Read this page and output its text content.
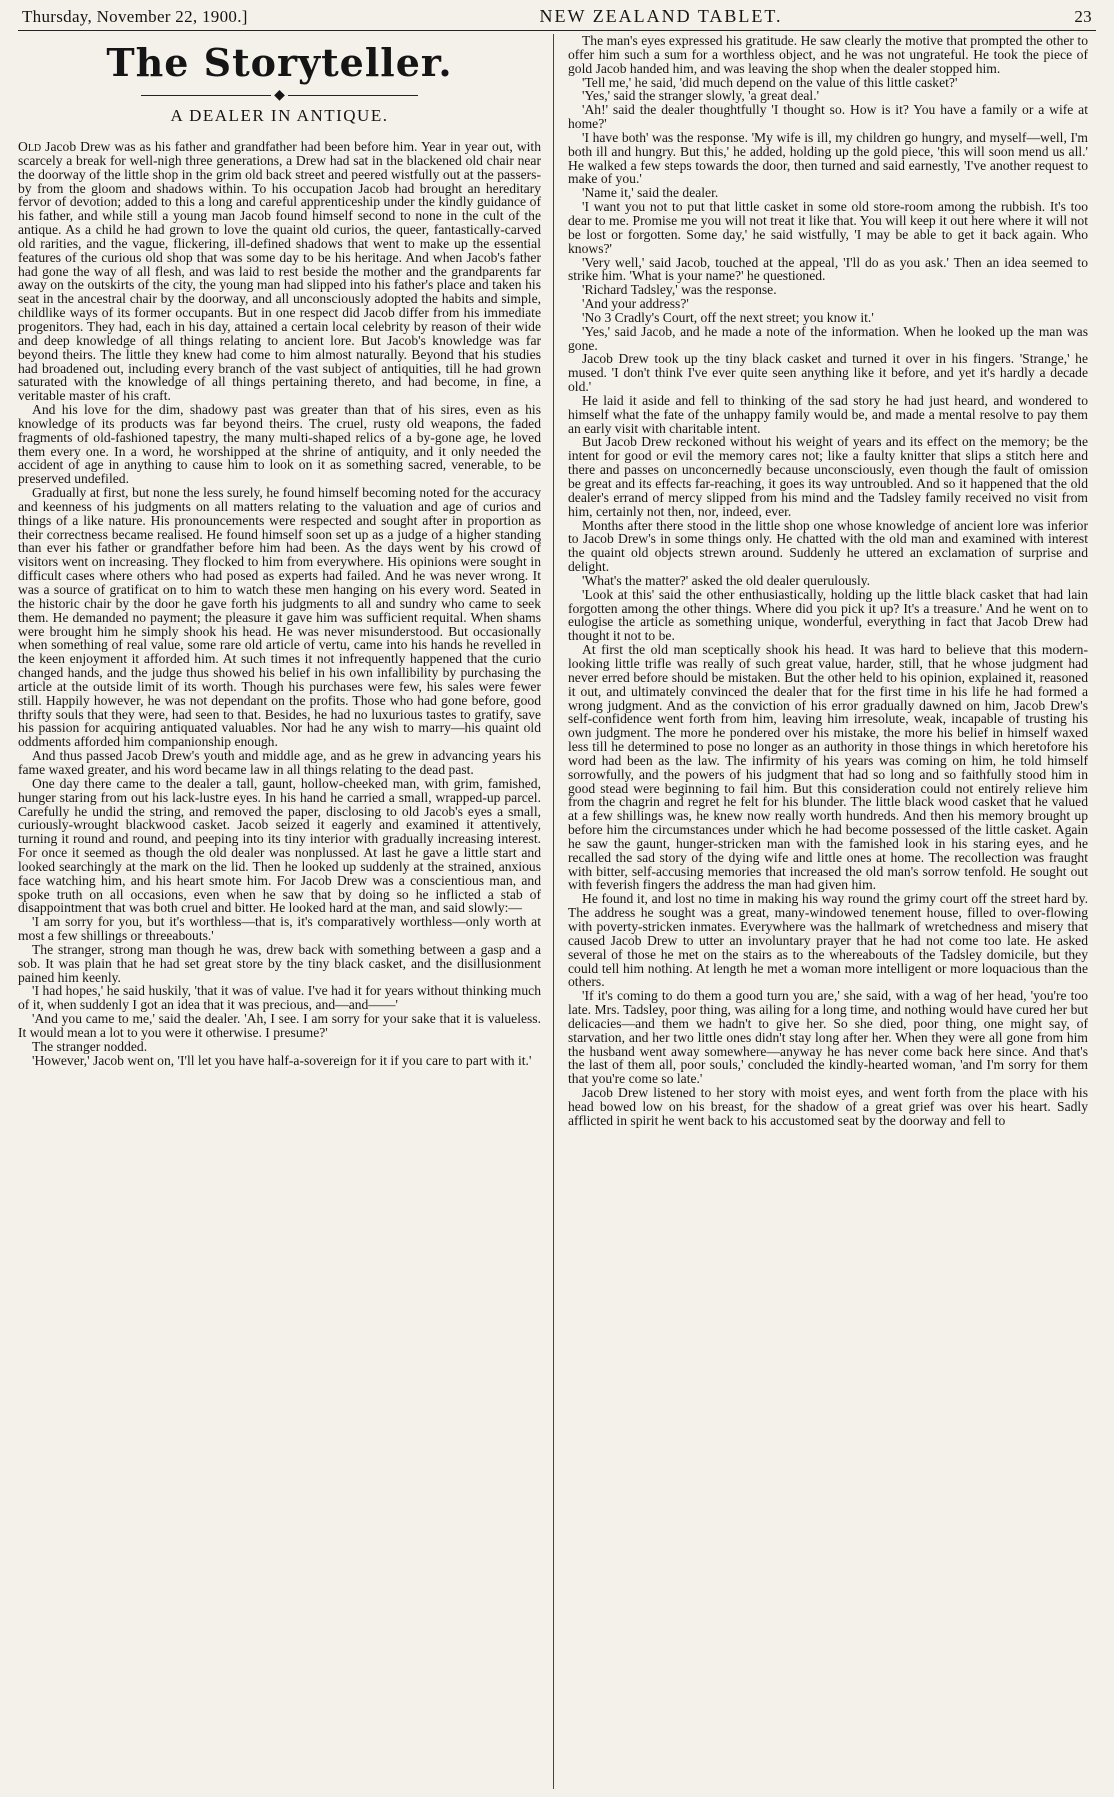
Thursday, November 22, 1900.]	NEW ZEALAND TABLET.	23
The Storyteller.
◆
A DEALER IN ANTIQUE.

Old Jacob Drew was as his father and grandfather had been before him. Year in year out, with scarcely a break for well-nigh three generations, a Drew had sat in the blackened old chair near the doorway of the little shop in the grim old back street and peered wistfully out at the passers-by from the gloom and shadows within. To his occupation Jacob had brought an hereditary fervor of devotion; added to this a long and careful apprenticeship under the kindly guidance of his father, and while still a young man Jacob found himself second to none in the cult of the antique. As a child he had grown to love the quaint old curios, the queer, fantastically-carved old rarities, and the vague, flickering, ill-defined shadows that went to make up the essential features of the curious old shop that was some day to be his heritage. And when Jacob's father had gone the way of all flesh, and was laid to rest beside the mother and the grandparents far away on the outskirts of the city, the young man had slipped into his father's place and taken his seat in the ancestral chair by the doorway, and all unconsciously adopted the habits and simple, childlike ways of its former occupants. But in one respect did Jacob differ from his immediate progenitors. They had, each in his day, attained a certain local celebrity by reason of their wide and deep knowledge of all things relating to ancient lore. But Jacob's knowledge was far beyond theirs. The little they knew had come to him almost naturally. Beyond that his studies had broadened out, including every branch of the vast subject of antiquities, till he had grown saturated with the knowledge of all things pertaining thereto, and had become, in fine, a veritable master of his craft.

And his love for the dim, shadowy past was greater than that of his sires, even as his knowledge of its products was far beyond theirs. The cruel, rusty old weapons, the faded fragments of old-fashioned tapestry, the many multi-shaped relics of a by-gone age, he loved them every one. In a word, he worshipped at the shrine of antiquity, and it only needed the accident of age in anything to cause him to look on it as something sacred, venerable, to be preserved undefiled.

Gradually at first, but none the less surely, he found himself becoming noted for the accuracy and keenness of his judgments on all matters relating to the valuation and age of curios and things of a like nature. His pronouncements were respected and sought after in proportion as their correctness became realised. He found himself soon set up as a judge of a higher standing than ever his father or grandfather before him had been. As the days went by his crowd of visitors went on increasing. They flocked to him from everywhere. His opinions were sought in difficult cases where others who had posed as experts had failed. And he was never wrong. It was a source of gratificat on to him to watch these men hanging on his every word. Seated in the historic chair by the door he gave forth his judgments to all and sundry who came to seek them. He demanded no payment; the pleasure it gave him was sufficient requital. When shams were brought him he simply shook his head. He was never misunderstood. But occasionally when something of real value, some rare old article of vertu, came into his hands he revelled in the keen enjoyment it afforded him. At such times it not infrequently happened that the curio changed hands, and the judge thus showed his belief in his own infallibility by purchasing the article at the outside limit of its worth. Though his purchases were few, his sales were fewer still. Happily however, he was not dependant on the profits. Those who had gone before, good thrifty souls that they were, had seen to that. Besides, he had no luxurious tastes to gratify, save his passion for acquiring antiquated valuables. Nor had he any wish to marry—his quaint old oddments afforded him companionship enough.

And thus passed Jacob Drew's youth and middle age, and as he grew in advancing years his fame waxed greater, and his word became law in all things relating to the dead past.

One day there came to the dealer a tall, gaunt, hollow-cheeked man, with grim, famished, hunger staring from out his lack-lustre eyes. In his hand he carried a small, wrapped-up parcel. Carefully he undid the string, and removed the paper, disclosing to old Jacob's eyes a small, curiously-wrought blackwood casket. Jacob seized it eagerly and examined it attentively, turning it round and round, and peeping into its tiny interior with gradually increasing interest. For once it seemed as though the old dealer was nonplussed. At last he gave a little start and looked searchingly at the mark on the lid. Then he looked up suddenly at the strained, anxious face watching him, and his heart smote him. For Jacob Drew was a conscientious man, and spoke truth on all occasions, even when he saw that by doing so he inflicted a stab of disappointment that was both cruel and bitter. He looked hard at the man, and said slowly:—

'I am sorry for you, but it's worthless—that is, it's comparatively worthless—only worth at most a few shillings or threeabouts.'

The stranger, strong man though he was, drew back with something between a gasp and a sob. It was plain that he had set great store by the tiny black casket, and the disillusionment pained him keenly.

'I had hopes,' he said huskily, 'that it was of value. I've had it for years without thinking much of it, when suddenly I got an idea that it was precious, and—and——'

'And you came to me,' said the dealer. 'Ah, I see. I am sorry for your sake that it is valueless. It would mean a lot to you were it otherwise. I presume?'

The stranger nodded.

'However,' Jacob went on, 'I'll let you have half-a-sovereign for it if you care to part with it.'

The man's eyes expressed his gratitude. He saw clearly the motive that prompted the other to offer him such a sum for a worthless object, and he was not ungrateful. He took the piece of gold Jacob handed him, and was leaving the shop when the dealer stopped him.

'Tell me,' he said, 'did much depend on the value of this little casket?'

'Yes,' said the stranger slowly, 'a great deal.'

'Ah!' said the dealer thoughtfully 'I thought so. How is it? You have a family or a wife at home?'

'I have both' was the response. 'My wife is ill, my children go hungry, and myself—well, I'm both ill and hungry. But this,' he added, holding up the gold piece, 'this will soon mend us all.' He walked a few steps towards the door, then turned and said earnestly, 'I've another request to make of you.'

'Name it,' said the dealer.

'I want you not to put that little casket in some old store-room among the rubbish. It's too dear to me. Promise me you will not treat it like that. You will keep it out here where it will not be lost or forgotten. Some day,' he said wistfully, 'I may be able to get it back again. Who knows?'

'Very well,' said Jacob, touched at the appeal, 'I'll do as you ask.' Then an idea seemed to strike him. 'What is your name?' he questioned.

'Richard Tadsley,' was the response.

'And your address?'

'No 3 Cradly's Court, off the next street; you know it.'

'Yes,' said Jacob, and he made a note of the information. When he looked up the man was gone.

Jacob Drew took up the tiny black casket and turned it over in his fingers. 'Strange,' he mused. 'I don't think I've ever quite seen anything like it before, and yet it's hardly a decade old.'

He laid it aside and fell to thinking of the sad story he had just heard, and wondered to himself what the fate of the unhappy family would be, and made a mental resolve to pay them an early visit with charitable intent.

But Jacob Drew reckoned without his weight of years and its effect on the memory; be the intent for good or evil the memory cares not; like a faulty knitter that slips a stitch here and there and passes on unconcernedly because unconsciously, even though the fault of omission be great and its effects far-reaching, it goes its way untroubled. And so it happened that the old dealer's errand of mercy slipped from his mind and the Tadsley family received no visit from him, certainly not then, nor, indeed, ever.

Months after there stood in the little shop one whose knowledge of ancient lore was inferior to Jacob Drew's in some things only. He chatted with the old man and examined with interest the quaint old objects strewn around. Suddenly he uttered an exclamation of surprise and delight.

'What's the matter?' asked the old dealer querulously.

'Look at this' said the other enthusiastically, holding up the little black casket that had lain forgotten among the other things. Where did you pick it up? It's a treasure.' And he went on to eulogise the article as something unique, wonderful, everything in fact that Jacob Drew had thought it not to be.

At first the old man sceptically shook his head. It was hard to believe that this modern-looking little trifle was really of such great value, harder, still, that he whose judgment had never erred before should be mistaken. But the other held to his opinion, explained it, reasoned it out, and ultimately convinced the dealer that for the first time in his life he had formed a wrong judgment. And as the conviction of his error gradually dawned on him, Jacob Drew's self-confidence went forth from him, leaving him irresolute, weak, incapable of trusting his own judgment. The more he pondered over his mistake, the more his belief in himself waxed less till he determined to pose no longer as an authority in those things in which heretofore his word had been as the law. The infirmity of his years was coming on him, he told himself sorrowfully, and the powers of his judgment that had so long and so faithfully stood him in good stead were beginning to fail him. But this consideration could not entirely relieve him from the chagrin and regret he felt for his blunder. The little black wood casket that he valued at a few shillings was, he knew now really worth hundreds. And then his memory brought up before him the circumstances under which he had become possessed of the little casket. Again he saw the gaunt, hunger-stricken man with the famished look in his staring eyes, and he recalled the sad story of the dying wife and little ones at home. The recollection was fraught with bitter, self-accusing memories that increased the old man's sorrow tenfold. He sought out with feverish fingers the address the man had given him.

He found it, and lost no time in making his way round the grimy court off the street hard by. The address he sought was a great, many-windowed tenement house, filled to over-flowing with poverty-stricken inmates. Everywhere was the hallmark of wretchedness and misery that caused Jacob Drew to utter an involuntary prayer that he had not come too late. He asked several of those he met on the stairs as to the whereabouts of the Tadsley domicile, but they could tell him nothing. At length he met a woman more intelligent or more loquacious than the others.

'If it's coming to do them a good turn you are,' she said, with a wag of her head, 'you're too late. Mrs. Tadsley, poor thing, was ailing for a long time, and nothing would have cured her but delicacies—and them we hadn't to give her. So she died, poor thing, one might say, of starvation, and her two little ones didn't stay long after her. When they were all gone from him the husband went away somewhere—anyway he has never come back here since. And that's the last of them all, poor souls,' concluded the kindly-hearted woman, 'and I'm sorry for them that you're come so late.'

Jacob Drew listened to her story with moist eyes, and went forth from the place with his head bowed low on his breast, for the shadow of a great grief was over his heart. Sadly afflicted in spirit he went back to his accustomed seat by the doorway and fell to
